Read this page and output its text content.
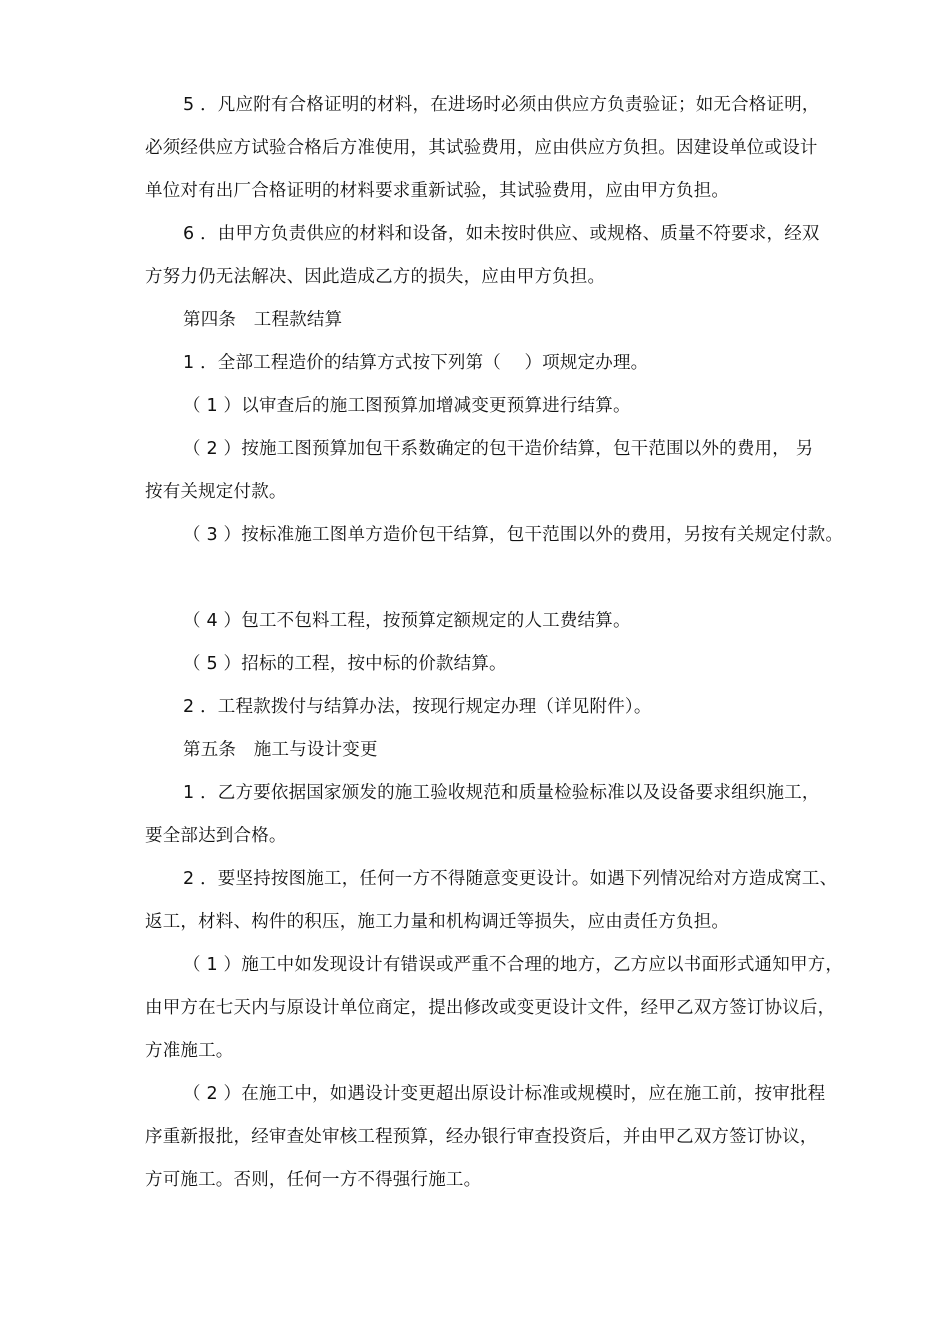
5 ．凡应附有合格证明的材料，在进场时必须由供应方负责验证；如无合格证明，
必须经供应方试验合格后方准使用，其试验费用，应由供应方负担。因建设单位或设计
单位对有出厂合格证明的材料要求重新试验，其试验费用，应由甲方负担。
6 ．由甲方负责供应的材料和设备，如未按时供应、或规格、质量不符要求，经双
方努力仍无法解决、因此造成乙方的损失，应由甲方负担。
第四条　工程款结算
1 ．全部工程造价的结算方式按下列第（　 ）项规定办理。
（ 1 ）以审查后的施工图预算加增减变更预算进行结算。
（ 2 ）按施工图预算加包干系数确定的包干造价结算，包干范围以外的费用， 另
按有关规定付款。
（ 3 ）按标准施工图单方造价包干结算，包干范围以外的费用，另按有关规定付款。
（ 4 ）包工不包料工程，按预算定额规定的人工费结算。
（ 5 ）招标的工程，按中标的价款结算。
2 ．工程款拨付与结算办法，按现行规定办理（详见附件）。
第五条　施工与设计变更
1 ．乙方要依据国家颁发的施工验收规范和质量检验标准以及设备要求组织施工，
要全部达到合格。
2 ．要坚持按图施工，任何一方不得随意变更设计。如遇下列情况给对方造成窝工、
返工，材料、构件的积压，施工力量和机构调迁等损失，应由责任方负担。
（ 1 ）施工中如发现设计有错误或严重不合理的地方，乙方应以书面形式通知甲方，
由甲方在七天内与原设计单位商定，提出修改或变更设计文件，经甲乙双方签订协议后，
方准施工。
（ 2 ）在施工中，如遇设计变更超出原设计标准或规模时，应在施工前，按审批程
序重新报批，经审查处审核工程预算，经办银行审查投资后，并由甲乙双方签订协议，
方可施工。否则，任何一方不得强行施工。
